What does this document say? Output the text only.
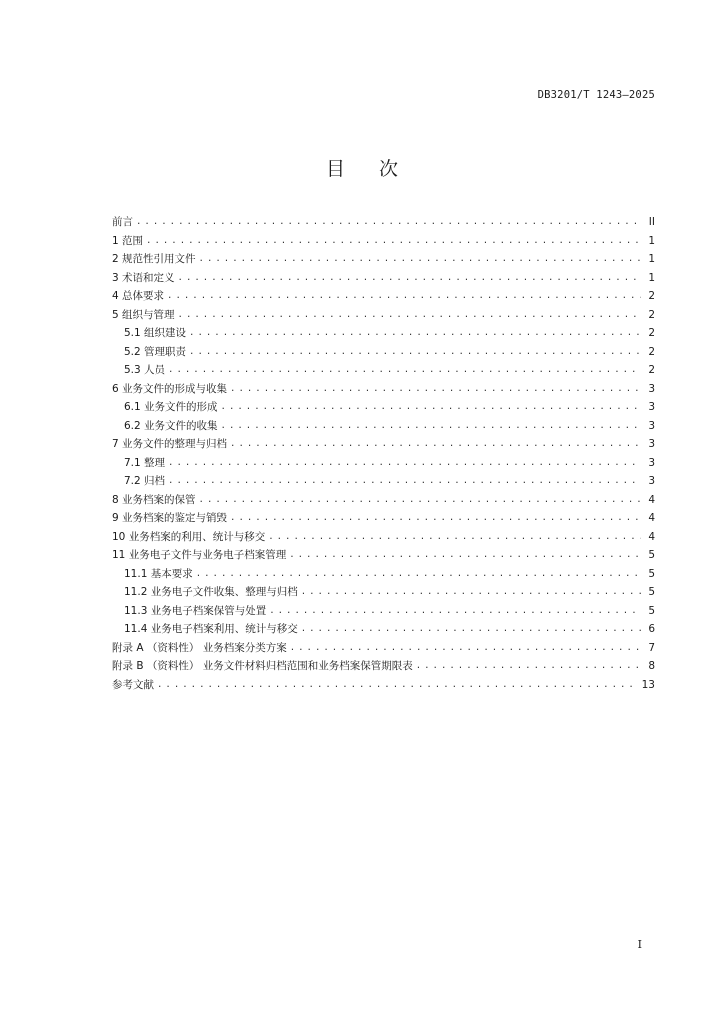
DB3201/T 1243—2025
目次
前言 .....	II
1 范围 .....	1
2 规范性引用文件 .....	1
3 术语和定义 .....	1
4 总体要求 .....	2
5 组织与管理 .....	2
5.1 组织建设 .....	2
5.2 管理职责 .....	2
5.3 人员 .....	2
6 业务文件的形成与收集 .....	3
6.1 业务文件的形成 .....	3
6.2 业务文件的收集 .....	3
7 业务文件的整理与归档 .....	3
7.1 整理 .....	3
7.2 归档 .....	3
8 业务档案的保管 .....	4
9 业务档案的鉴定与销毁 .....	4
10 业务档案的利用、统计与移交 .....	4
11 业务电子文件与业务电子档案管理 .....	5
11.1 基本要求 .....	5
11.2 业务电子文件收集、整理与归档 .....	5
11.3 业务电子档案保管与处置 .....	5
11.4 业务电子档案利用、统计与移交 .....	6
附录 A （资料性） 业务档案分类方案 .....	7
附录 B （资料性） 业务文件材料归档范围和业务档案保管期限表 .....	8
参考文献 .....	13
I
